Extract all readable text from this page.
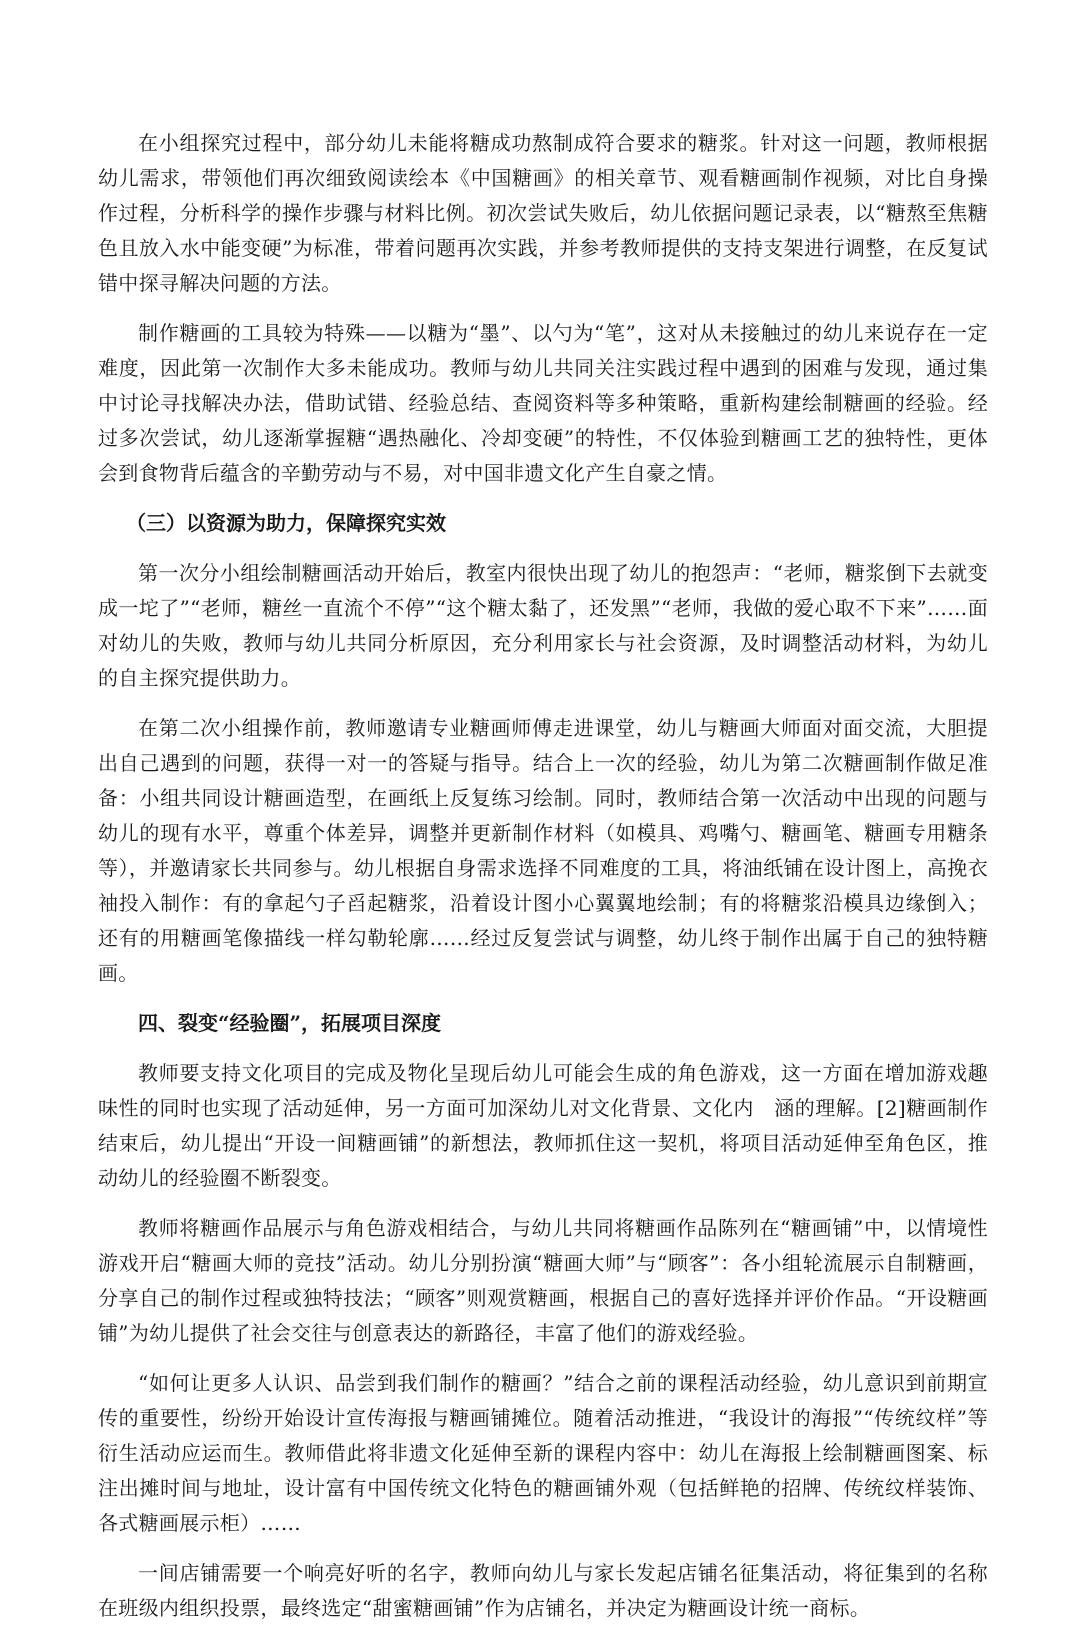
在小组探究过程中，部分幼儿未能将糖成功熬制成符合要求的糖浆。针对这一问题，教师根据幼儿需求，带领他们再次细致阅读绘本《中国糖画》的相关章节、观看糖画制作视频，对比自身操作过程，分析科学的操作步骤与材料比例。初次尝试失败后，幼儿依据问题记录表，以“糖熬至焦糖色且放入水中能变硬”为标准，带着问题再次实践，并参考教师提供的支持支架进行调整，在反复试错中探寻解决问题的方法。

制作糖画的工具较为特殊——以糖为“墨”、以勺为“笔”，这对从未接触过的幼儿来说存在一定难度，因此第一次制作大多未能成功。教师与幼儿共同关注实践过程中遇到的困难与发现，通过集中讨论寻找解决办法，借助试错、经验总结、查阅资料等多种策略，重新构建绘制糖画的经验。经过多次尝试，幼儿逐渐掌握糖“遇热融化、冷却变硬”的特性，不仅体验到糖画工艺的独特性，更体会到食物背后蕴含的辛勤劳动与不易，对中国非遗文化产生自豪之情。

（三）以资源为助力，保障探究实效

第一次分小组绘制糖画活动开始后，教室内很快出现了幼儿的抱怨声：“老师，糖浆倒下去就变成一坨了”“老师，糖丝一直流个不停”“这个糖太黏了，还发黑”“老师，我做的爱心取不下来”……面对幼儿的失败，教师与幼儿共同分析原因，充分利用家长与社会资源，及时调整活动材料，为幼儿的自主探究提供助力。

在第二次小组操作前，教师邀请专业糖画师傅走进课堂，幼儿与糖画大师面对面交流，大胆提出自己遇到的问题，获得一对一的答疑与指导。结合上一次的经验，幼儿为第二次糖画制作做足准备：小组共同设计糖画造型，在画纸上反复练习绘制。同时，教师结合第一次活动中出现的问题与幼儿的现有水平，尊重个体差异，调整并更新制作材料（如模具、鸡嘴勺、糖画笔、糖画专用糖条等），并邀请家长共同参与。幼儿根据自身需求选择不同难度的工具，将油纸铺在设计图上，高挽衣袖投入制作：有的拿起勺子舀起糖浆，沿着设计图小心翼翼地绘制；有的将糖浆沿模具边缘倒入；还有的用糖画笔像描线一样勾勒轮廓……经过反复尝试与调整，幼儿终于制作出属于自己的独特糖画。

四、裂变“经验圈”，拓展项目深度

教师要支持文化项目的完成及物化呈现后幼儿可能会生成的角色游戏，这一方面在增加游戏趣味性的同时也实现了活动延伸，另一方面可加深幼儿对文化背景、文化内　涵的理解。[2]糖画制作结束后，幼儿提出“开设一间糖画铺”的新想法，教师抓住这一契机，将项目活动延伸至角色区，推动幼儿的经验圈不断裂变。

教师将糖画作品展示与角色游戏相结合，与幼儿共同将糖画作品陈列在“糖画铺”中，以情境性游戏开启“糖画大师的竞技”活动。幼儿分别扮演“糖画大师”与“顾客”：各小组轮流展示自制糖画，分享自己的制作过程或独特技法；“顾客”则观赏糖画，根据自己的喜好选择并评价作品。“开设糖画铺”为幼儿提供了社会交往与创意表达的新路径，丰富了他们的游戏经验。

“如何让更多人认识、品尝到我们制作的糖画？”结合之前的课程活动经验，幼儿意识到前期宣传的重要性，纷纷开始设计宣传海报与糖画铺摊位。随着活动推进，“我设计的海报”“传统纹样”等衍生活动应运而生。教师借此将非遗文化延伸至新的课程内容中：幼儿在海报上绘制糖画图案、标注出摊时间与地址，设计富有中国传统文化特色的糖画铺外观（包括鲜艳的招牌、传统纹样装饰、各式糖画展示柜）……

一间店铺需要一个响亮好听的名字，教师向幼儿与家长发起店铺名征集活动，将征集到的名称在班级内组织投票，最终选定“甜蜜糖画铺”作为店铺名，并决定为糖画设计统一商标。
